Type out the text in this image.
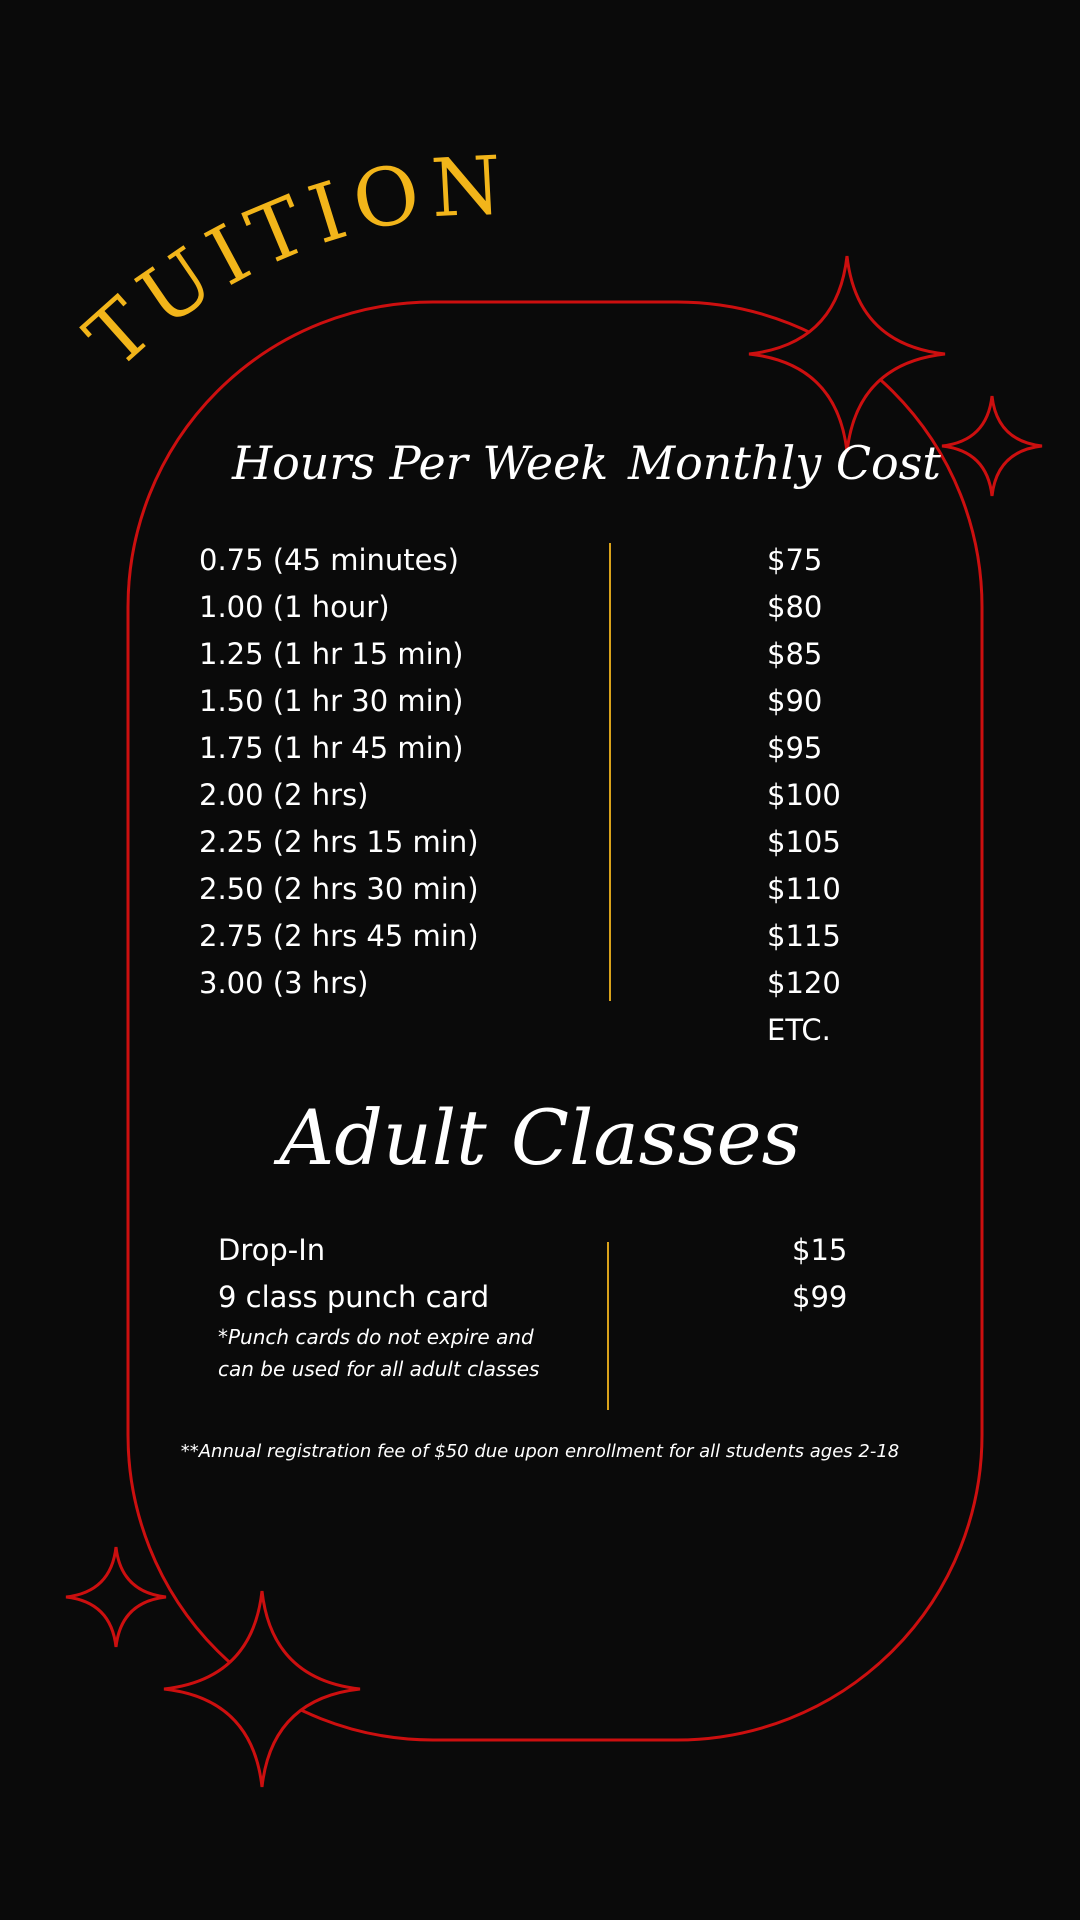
TUITION
Hours Per Week Monthly Cost
0.75 (45 minutes)
1.00 (1 hour)
1.25 (1 hr 15 min)
1.50 (1 hr 30 min)
1.75 (1 hr 45 min)
2.00 (2 hrs)
2.25 (2 hrs 15 min)
2.50 (2 hrs 30 min)
2.75 (2 hrs 45 min)
3.00 (3 hrs)
$75
$80
$85
$90
$95
$100
$105
$110
$115
$120
ETC.
Adult Classes
Drop-In
9 class punch card
$15
$99
*Punch cards do not expire and
can be used for all adult classes
**Annual registration fee of $50 due upon enrollment for all students ages 2-18
